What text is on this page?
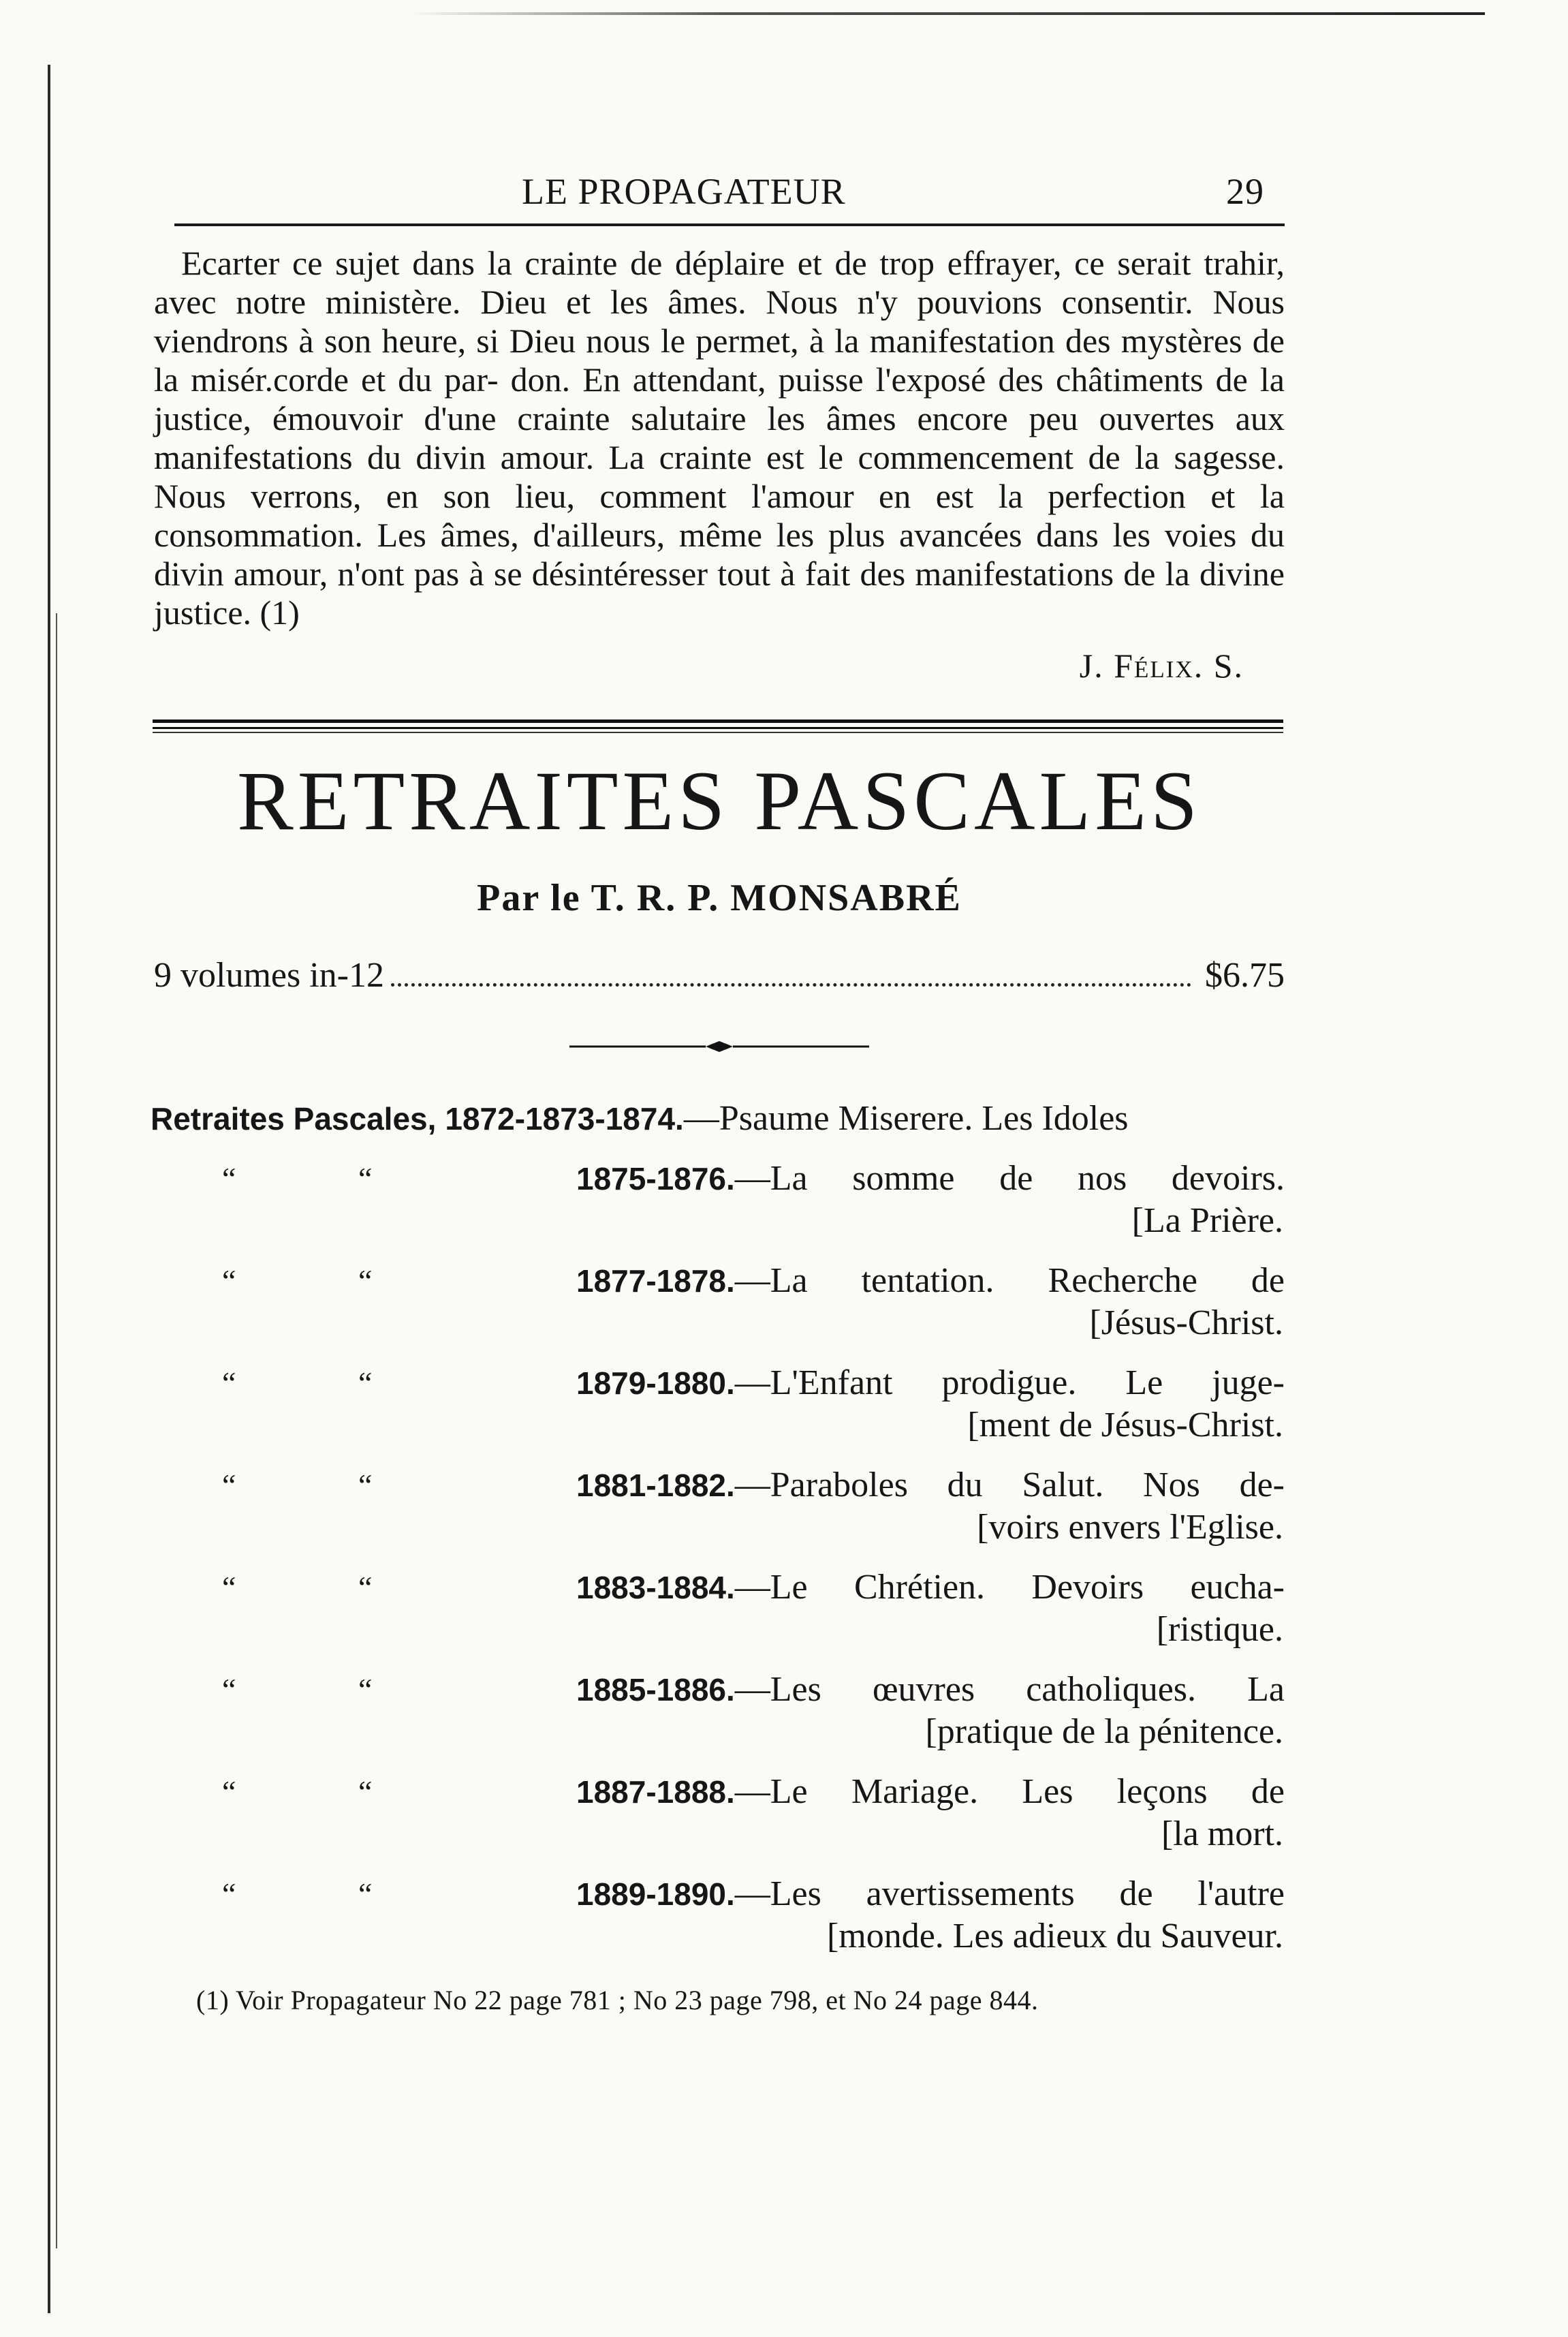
LE PROPAGATEUR	29
Ecarter ce sujet dans la crainte de déplaire et de trop effrayer, ce serait trahir, avec notre ministère. Dieu et les âmes. Nous n'y pouvions consentir. Nous viendrons à son heure, si Dieu nous le permet, à la manifestation des mystères de la misér.corde et du par- don. En attendant, puisse l'exposé des châtiments de la justice, émouvoir d'une crainte salutaire les âmes encore peu ouvertes aux manifestations du divin amour. La crainte est le commencement de la sagesse. Nous verrons, en son lieu, comment l'amour en est la perfection et la consommation. Les âmes, d'ailleurs, même les plus avancées dans les voies du divin amour, n'ont pas à se désintéresser tout à fait des manifestations de la divine justice. (1)
J. Félix. S.
RETRAITES PASCALES
Par le T. R. P. MONSABRÉ
9 volumes in-12	$6.75
Retraites Pascales,
1872-1873-1874. —Psaume Miserere. Les Idoles
“	“	1875-1876.—La somme de nos devoirs.
[La Prière.
“	“	1877-1878.—La tentation. Recherche de
[Jésus-Christ.
“	“	1879-1880.—L'Enfant prodigue. Le juge-
[ment de Jésus-Christ.
“	“	1881-1882.—Paraboles du Salut. Nos de-
[voirs envers l'Eglise.
“	“	1883-1884.—Le Chrétien. Devoirs eucha-
[ristique.
“	“	1885-1886.—Les œuvres catholiques. La
[pratique de la pénitence.
“	“	1887-1888.—Le Mariage. Les leçons de
[la mort.
“	“	1889-1890.—Les avertissements de l'autre
[monde. Les adieux du Sauveur.
(1) Voir Propagateur No 22 page 781 ; No 23 page 798, et No 24 page 844.
